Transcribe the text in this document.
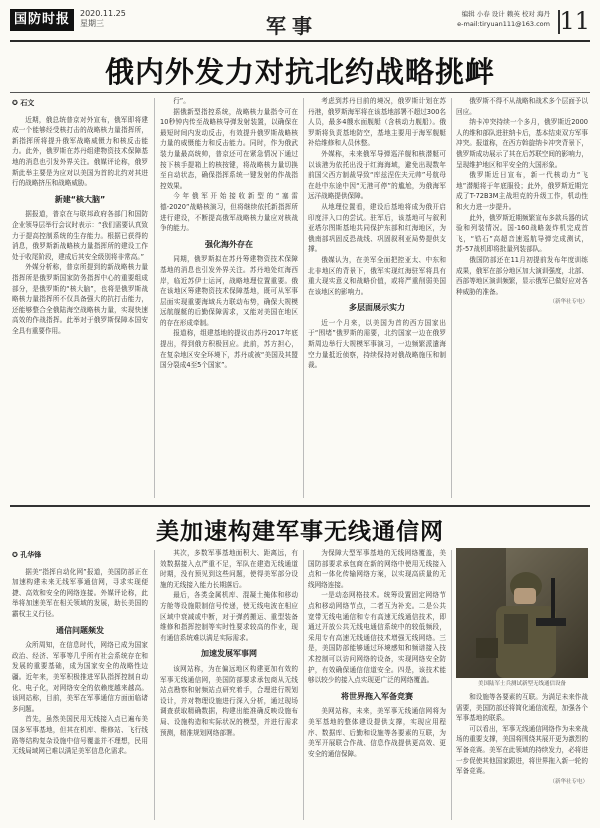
国防时报	2020.11.25
星期三	军事	编辑 小春 设计 赖英 校对 海丹
e-mail:tiryuan111@163.com 11
俄内外发力对抗北约战略挑衅
✪ 石文

近期，俄总统普京对外宣布，俄军即将建成一个能够经受核打击的战略核力量指挥所，新指挥所将提升俄军战略威慑力和核反击能力。此外，俄罗斯在苏丹组建物资技术保障基地的消息也引发外界关注。俄媒评论称，俄罗斯此举主要是为应对以美国为首的北约对其进行的战略挤压和战略威胁。

新建“核大脑”

据报道，普京在与联邦政府各部门和国防企业领导层举行会议时表示：“我们需要认真致力于提高控制系统的生存能力。根据已获得的消息，俄罗斯新战略核力量指挥所的建设工作处于收尾阶段，建成后其安全级别将非常高。”

外媒分析称，普京所提到的新战略核力量指挥所是俄罗斯国家防务指挥中心的重要组成部分，是俄罗斯的“核大脑”，也将是俄罗斯战略核力量指挥所不仅具备强大的抗打击能力，还能够整合全俄陆海空战略核力量，实现快速高效的作战指挥。此举对于俄罗斯保障本国安全具有重要作用。

行”。

据俄新型指控系统，战略核力量指令可在10秒钟内传至战略核导弹发射装置，以确保在最短时间内发动反击，有效提升俄罗斯战略核力量的威慑能力和反击能力。同时，作为俄武装力量最高统帅，普京还可在紧急情况下通过按下核手提箱上的核按键，将战略核力量切换至自动状态，确保指挥系统一键发射的作战指控效果。

今年俄军开始接收新型的“塞雷德-2020”战略核演习，但将继续依托新指挥所进行建设，不断提高俄军战略核力量应对核战争的能力。

强化海外存在

同期，俄罗斯拟在苏丹筹建物资技术保障基地的消息也引发外界关注。苏丹地处红海西岸，临近苏伊士运河，战略地理位置重要。俄在该地区筹建物资技术保障基地，既可从军事层面实现重要海域兵力联动布势，确保大规模远航舰艇的后勤保障需求，又能对美国在地区的存在形成牵制。

报道称，组建基地的提议由苏丹2017年底提出，得到俄方积极回应。此前，苏方担心，在复杂地区安全环境下，苏丹或被“美国及其盟国分裂成4至5个国家”。

考虑到苏丹目前的境况，俄罗斯计划在苏丹港，俄罗斯海军将在该基地部署不超过300名人员，最多4艘水面舰艇（含核动力舰船）。俄罗斯将负责基地防空，基地主要用于海军舰艇补给维修和人员休整。

外媒称，未来俄军导弹巡洋舰和核潜艇可以该港为依托出没于红海海域，避免出现数年前国父西方制裁导致“库兹涅佐夫元帅”号航母在赴中东途中因“无港可停”的尴尬，为俄海军远洋战略提供保障。

从地理位置看，建设后基地将成为俄开启印度洋入口的尝试。驻军后，该基地可与叙利亚塔尔图斯基地共同保护东部和红海地区，为俄南部巩固反恐战线、巩固叙利亚局势提供支撑。

俄媒认为，在美军全面把控亚太、中东和北非地区的背景下，俄军实现红海驻军将具有重大现实意义和战略价值，或将严重削弱美国在该地区的影响力。

多层面展示实力

近一个月来，以美国为首的西方国家出于“围堵”俄罗斯的需要，北约国家一边在俄罗斯周边举行大规模军事演习，一边频繁派遣海空力量抵近侦察，持续保持对俄战略施压和制裁。

俄罗斯不得不从战略和战术多个层面予以回应。

纳卡冲突持续一个多月，俄罗斯近2000人的维和部队进驻纳卡后，基本结束双方军事冲突。报道称，在西方斡旋纳卡冲突背景下，俄罗斯成功展示了其在后苏联空间的影响力，呈现维护地区和平安全的大国形象。

俄罗斯近日宣布，新一代核动力“飞地”潜艇将于年底服役；此外，俄罗斯近期完成了T-72B3M主战坦克的升级工作，机动性和火力进一步提升。

此外，俄罗斯近期频繁宣布多款兵器的试验和列装情况。国-160战略轰炸机完成首飞，“锆石”高超音速巡航导弹完成测试，苏-57战机即将批量列装部队。

俄国防部还在11月初提前发布年度训练成果，俄军在部分地区加大演训强度，北部、西部等地区演训频繁，显示俄军已做好应对各种威胁的准备。

（新华社专电）
美加速构建军事无线通信网
✪ 孔华锋

据美“指挥自动化网”报道，美国防部正在加速构建未来无线军事通信网，寻求实现便捷、高效和安全的网络连接。外媒评论称，此举将加速美军在相关领域的发展，助长美国的霸权主义行径。

通信问题频发

众所周知，在信息时代，网络已成为国家政治、经济、军事等几乎所有社会系统存在和发展的重要基础，成为国家安全的战略性边疆。近年来，美军积极推进军队指挥控制自动化、电子化，对网络安全的依赖度越来越高。该网站称，目前，美军在军事通信方面面临诸多问题。

首先，虽然美国民用无线接入点已遍布美国多军事基地，但其在机库、维修站、飞行线路等结构复杂设施中信号覆盖并不理想，民用无线局域网已难以满足美军信息化需求。

其次，多数军事基地面积大、距离远，有效数据接入点严重不足，军队在建造无线通道时期，没有预见到这些问题，使得美军部分设施的无线接入能力长期落后。

最后，各类金属机库、混凝土掩体和移动方舱等设施限制信号传递，使无线电波在相应区域中衰减或中断，对于弹药搬运、重型装备维修和指挥控制等实时性要求较高的作业，现有通信系统难以满足实际需求。

加速发展军事网

该网站称，为在偏远地区构建更加有效的军事无线通信网，美国防部要求承包商从无线站点勘察和射频站点研究着手，合理进行规划设计，并对物理设施进行深入分析，通过现场调查获取精确数据，构建出能准确反映设施布局、设施构造和实际状况的模型，并进行需求预测，精准规划网络部署。

为保障大型军事基地的无线网络覆盖，美国防部要求承包商在新的网络中使用无线接入点和一体化传输网络方案，以实现高质量的无线网络连接。

一是动态网格技术。统筹设置固定网络节点和移动网络节点，二者互为补充。二是公共宽带无线电通信和专有高速无线通信技术，即通过开放公共无线电通信系统中的较低频段，采用专有高速无线通信技术增强无线网络。三是，美国防部能够通过环境感知和频谱接入技术控制可以访问网络的设备，实现网络安全防护，有效确保通信信道安全。四是，该技术能够以较少的接入点实现更广泛的网络覆盖。

将世界拖入军备竞赛

美网站称，未来，美军事无线通信网将为美军基地的整体建设提供支撑，实现应用程序、数据库、后勤和设施等各要素的互联，为美军开展联合作战、信息作战提供更高效、更安全的通信保障。

美国陆军士兵测试新型无线通信设备

和设施等各要素的互联。为满足未来作战需要，美国防部还将简化通信流程，加强各个军事基地的联系。

可以看出，军事无线通信网络作为未来战场的重要支撑，美国将围绕其展开更为激烈的军备竞赛。美军在此领域的持续发力，必将进一步促使其他国家跟进，将世界拖入新一轮的军备竞赛。

（新华社专电）
